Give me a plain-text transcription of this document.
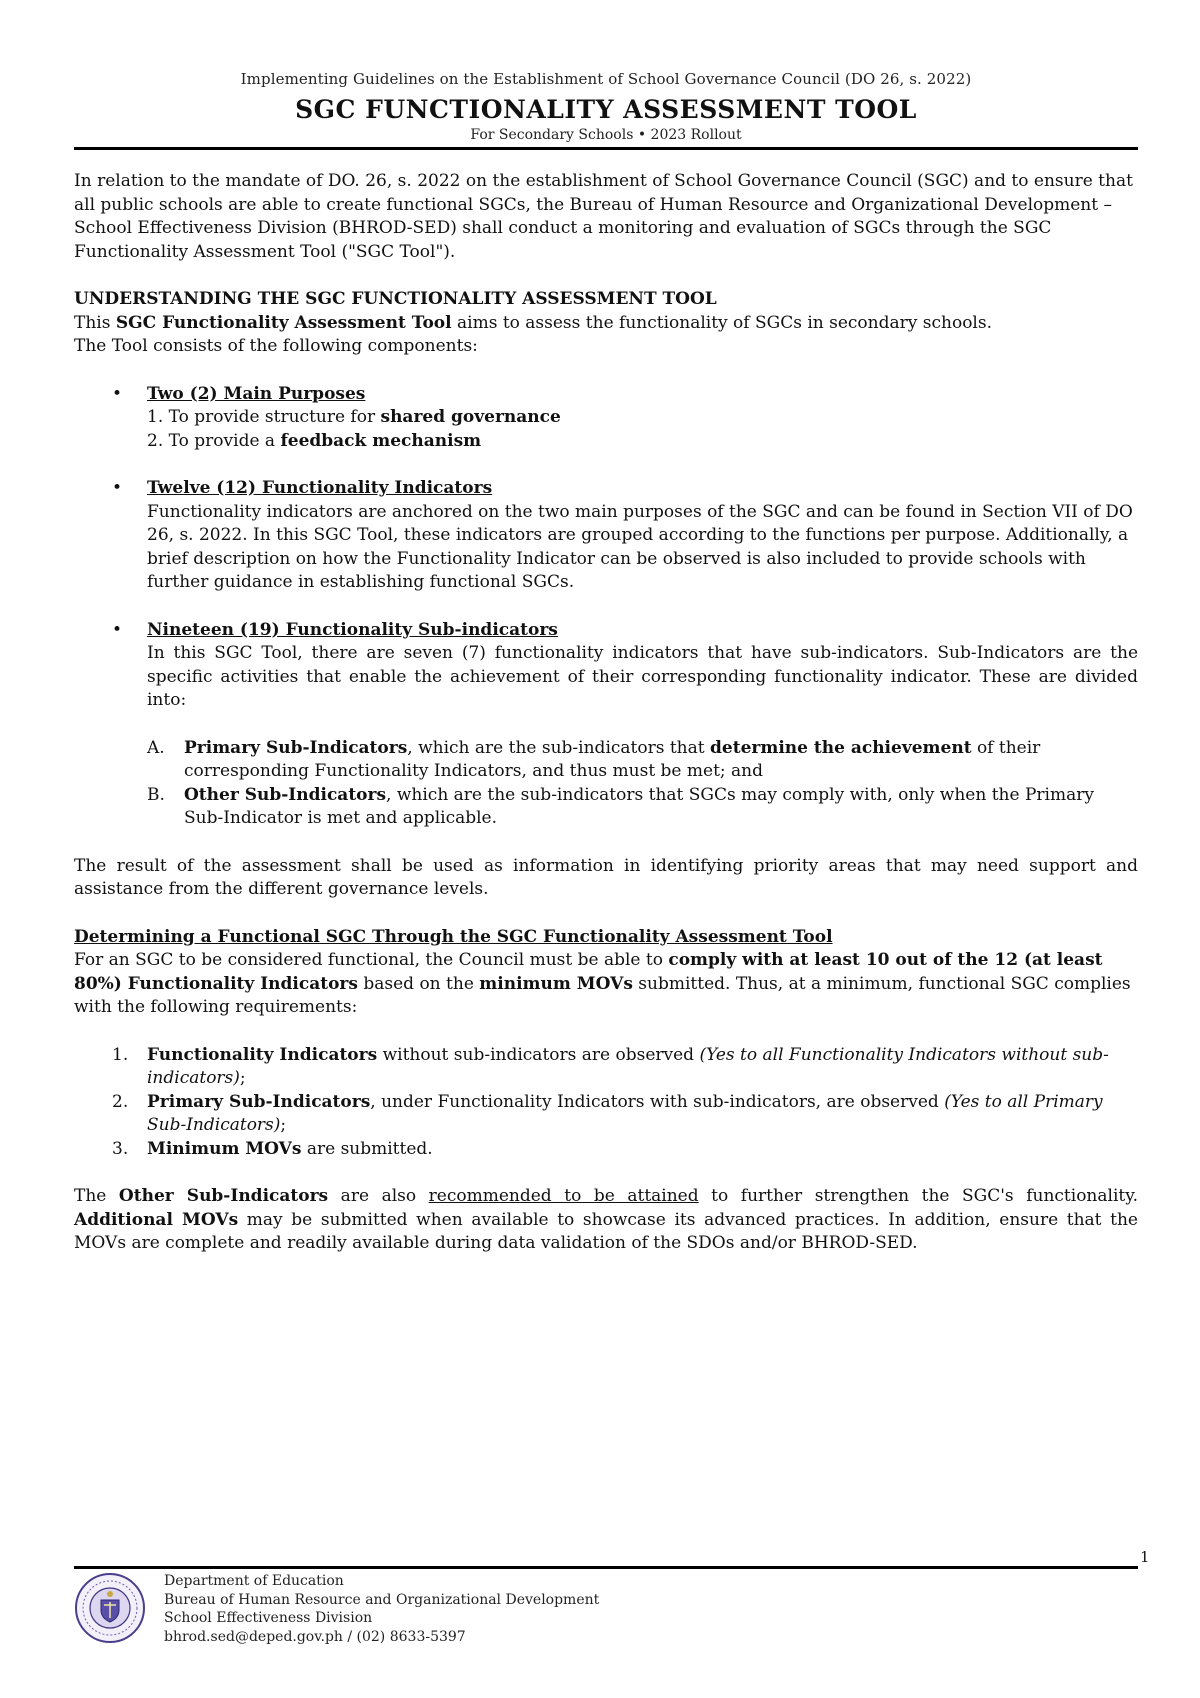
Implementing Guidelines on the Establishment of School Governance Council (DO 26, s. 2022)
SGC FUNCTIONALITY ASSESSMENT TOOL
For Secondary Schools • 2023 Rollout

In relation to the mandate of DO. 26, s. 2022 on the establishment of School Governance Council (SGC) and to ensure that all public schools are able to create functional SGCs, the Bureau of Human Resource and Organizational Development – School Effectiveness Division (BHROD-SED) shall conduct a monitoring and evaluation of SGCs through the SGC Functionality Assessment Tool ("SGC Tool").

UNDERSTANDING THE SGC FUNCTIONALITY ASSESSMENT TOOL

This SGC Functionality Assessment Tool aims to assess the functionality of SGCs in secondary schools.

The Tool consists of the following components:

• Two (2) Main Purposes

1. To provide structure for shared governance

2. To provide a feedback mechanism

• Twelve (12) Functionality Indicators

Functionality indicators are anchored on the two main purposes of the SGC and can be found in Section VII of DO 26, s. 2022. In this SGC Tool, these indicators are grouped according to the functions per purpose. Additionally, a brief description on how the Functionality Indicator can be observed is also included to provide schools with further guidance in establishing functional SGCs.

• Nineteen (19) Functionality Sub-indicators

In this SGC Tool, there are seven (7) functionality indicators that have sub-indicators. Sub-Indicators are the specific activities that enable the achievement of their corresponding functionality indicator. These are divided into:

A. Primary Sub-Indicators, which are the sub-indicators that determine the achievement of their corresponding Functionality Indicators, and thus must be met; and

B. Other Sub-Indicators, which are the sub-indicators that SGCs may comply with, only when the Primary Sub-Indicator is met and applicable.

The result of the assessment shall be used as information in identifying priority areas that may need support and assistance from the different governance levels.

Determining a Functional SGC Through the SGC Functionality Assessment Tool

For an SGC to be considered functional, the Council must be able to comply with at least 10 out of the 12 (at least 80%) Functionality Indicators based on the minimum MOVs submitted. Thus, at a minimum, functional SGC complies with the following requirements:

1. Functionality Indicators without sub-indicators are observed (Yes to all Functionality Indicators without sub-indicators);

2. Primary Sub-Indicators, under Functionality Indicators with sub-indicators, are observed (Yes to all Primary Sub-Indicators);

3. Minimum MOVs are submitted.

The Other Sub-Indicators are also recommended to be attained to further strengthen the SGC's functionality. Additional MOVs may be submitted when available to showcase its advanced practices. In addition, ensure that the MOVs are complete and readily available during data validation of the SDOs and/or BHROD-SED.

1
Department of Education
Bureau of Human Resource and Organizational Development
School Effectiveness Division
bhrod.sed@deped.gov.ph / (02) 8633-5397
